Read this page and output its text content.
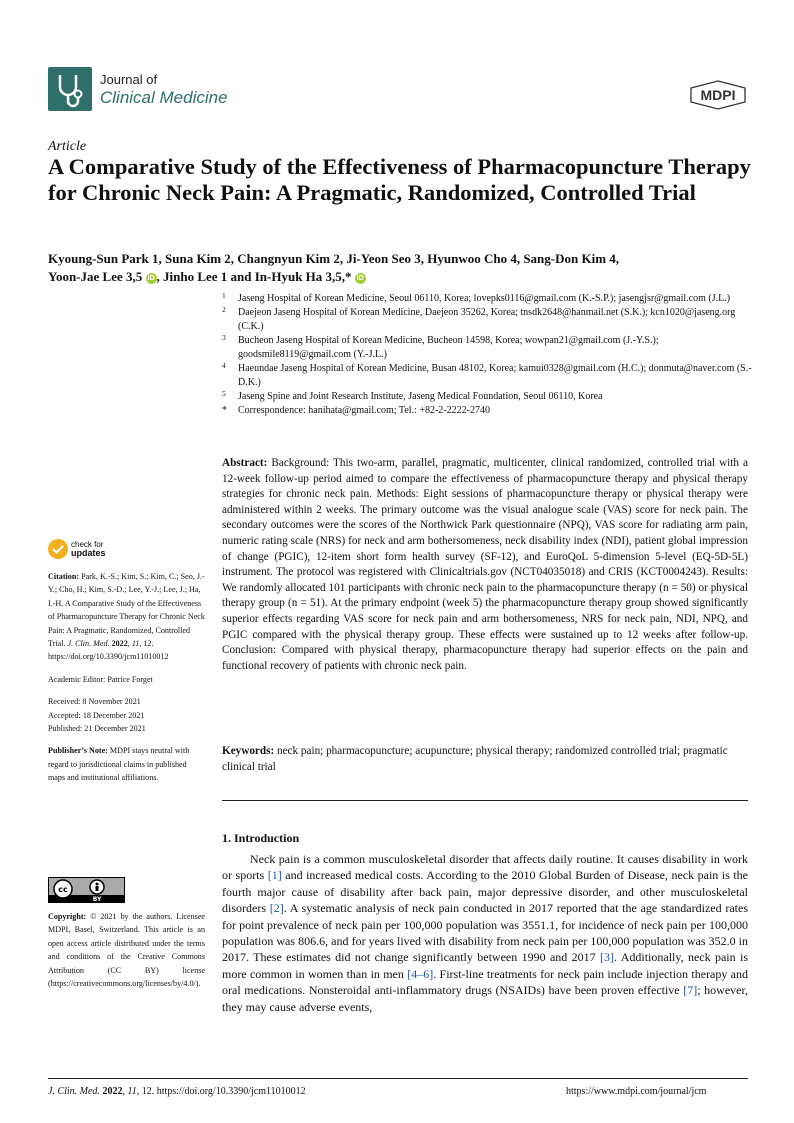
Journal of
Clinical Medicine	MDPI
Article
A Comparative Study of the Effectiveness of Pharmacopuncture Therapy for Chronic Neck Pain: A Pragmatic, Randomized, Controlled Trial
Kyoung-Sun Park 1, Suna Kim 2, Changnyun Kim 2, Ji-Yeon Seo 3, Hyunwoo Cho 4, Sang-Don Kim 4,
Yoon-Jae Lee 3,5 iD , Jinho Lee 1 and In-Hyuk Ha 3,5,* iD
1 Jaseng Hospital of Korean Medicine, Seoul 06110, Korea; lovepks0116@gmail.com (K.-S.P.); jasengjsr@gmail.com (J.L.)
2 Daejeon Jaseng Hospital of Korean Medicine, Daejeon 35262, Korea; tnsdk2648@hanmail.net (S.K.); kcn1020@jaseng.org (C.K.)
3 Bucheon Jaseng Hospital of Korean Medicine, Bucheon 14598, Korea; wowpan21@gmail.com (J.-Y.S.); goodsmile8119@gmail.com (Y.-J.L.)
4 Haeundae Jaseng Hospital of Korean Medicine, Busan 48102, Korea; kamui0328@gmail.com (H.C.); donmuta@naver.com (S.-D.K.)
5 Jaseng Spine and Joint Research Institute, Jaseng Medical Foundation, Seoul 06110, Korea
* Correspondence: hanihata@gmail.com; Tel.: +82-2-2222-2740
Abstract: Background: This two-arm, parallel, pragmatic, multicenter, clinical randomized, controlled trial with a 12-week follow-up period aimed to compare the effectiveness of pharmacopuncture therapy and physical therapy strategies for chronic neck pain. Methods: Eight sessions of pharmacopuncture therapy or physical therapy were administered within 2 weeks. The primary outcome was the visual analogue scale (VAS) score for neck pain. The secondary outcomes were the scores of the Northwick Park questionnaire (NPQ), VAS score for radiating arm pain, numeric rating scale (NRS) for neck and arm bothersomeness, neck disability index (NDI), patient global impression of change (PGIC), 12-item short form health survey (SF-12), and EuroQoL 5-dimension 5-level (EQ-5D-5L) instrument. The protocol was registered with Clinicaltrials.gov (NCT04035018) and CRIS (KCT0004243). Results: We randomly allocated 101 participants with chronic neck pain to the pharmacopuncture therapy (n = 50) or physical therapy group (n = 51). At the primary endpoint (week 5) the pharmacopuncture therapy group showed significantly superior effects regarding VAS score for neck pain and arm bothersomeness, NRS for neck pain, NDI, NPQ, and PGIC compared with the physical therapy group. These effects were sustained up to 12 weeks after follow-up. Conclusion: Compared with physical therapy, pharmacopuncture therapy had superior effects on the pain and functional recovery of patients with chronic neck pain.
Keywords: neck pain; pharmacopuncture; acupuncture; physical therapy; randomized controlled trial; pragmatic clinical trial
1. Introduction
Neck pain is a common musculoskeletal disorder that affects daily routine. It causes disability in work or sports [1] and increased medical costs. According to the 2010 Global Burden of Disease, neck pain is the fourth major cause of disability after back pain, major depressive disorder, and other musculoskeletal disorders [2]. A systematic analysis of neck pain conducted in 2017 reported that the age standardized rates for point prevalence of neck pain per 100,000 population was 3551.1, for incidence of neck pain per 100,000 population was 806.6, and for years lived with disability from neck pain per 100,000 population was 352.0 in 2017. These estimates did not change significantly between 1990 and 2017 [3]. Additionally, neck pain is more common in women than in men [4–6]. First-line treatments for neck pain include injection therapy and oral medications. Nonsteroidal anti-inflammatory drugs (NSAIDs) have been proven effective [7]; however, they may cause adverse events,
check for
updates

Citation: Park, K.-S.; Kim, S.; Kim, C.; Seo, J.-Y.; Cho, H.; Kim, S.-D.; Lee, Y.-J.; Lee, J.; Ha, I.-H. A Comparative Study of the Effectiveness of Pharmacopuncture Therapy for Chronic Neck Pain: A Pragmatic, Randomized, Controlled Trial. J. Clin. Med. 2022, 11, 12. https://doi.org/10.3390/jcm11010012

Academic Editor: Patrice Forget

Received: 8 November 2021
Accepted: 18 December 2021
Published: 21 December 2021

Publisher’s Note: MDPI stays neutral with regard to jurisdictional claims in published maps and institutional affiliations.

cc
BY
Copyright: © 2021 by the authors. Licensee MDPI, Basel, Switzerland. This article is an open access article distributed under the terms and conditions of the Creative Commons Attribution (CC BY) license (https://creativecommons.org/licenses/by/4.0/).
J. Clin. Med. 2022, 11, 12. https://doi.org/10.3390/jcm11010012	https://www.mdpi.com/journal/jcm
